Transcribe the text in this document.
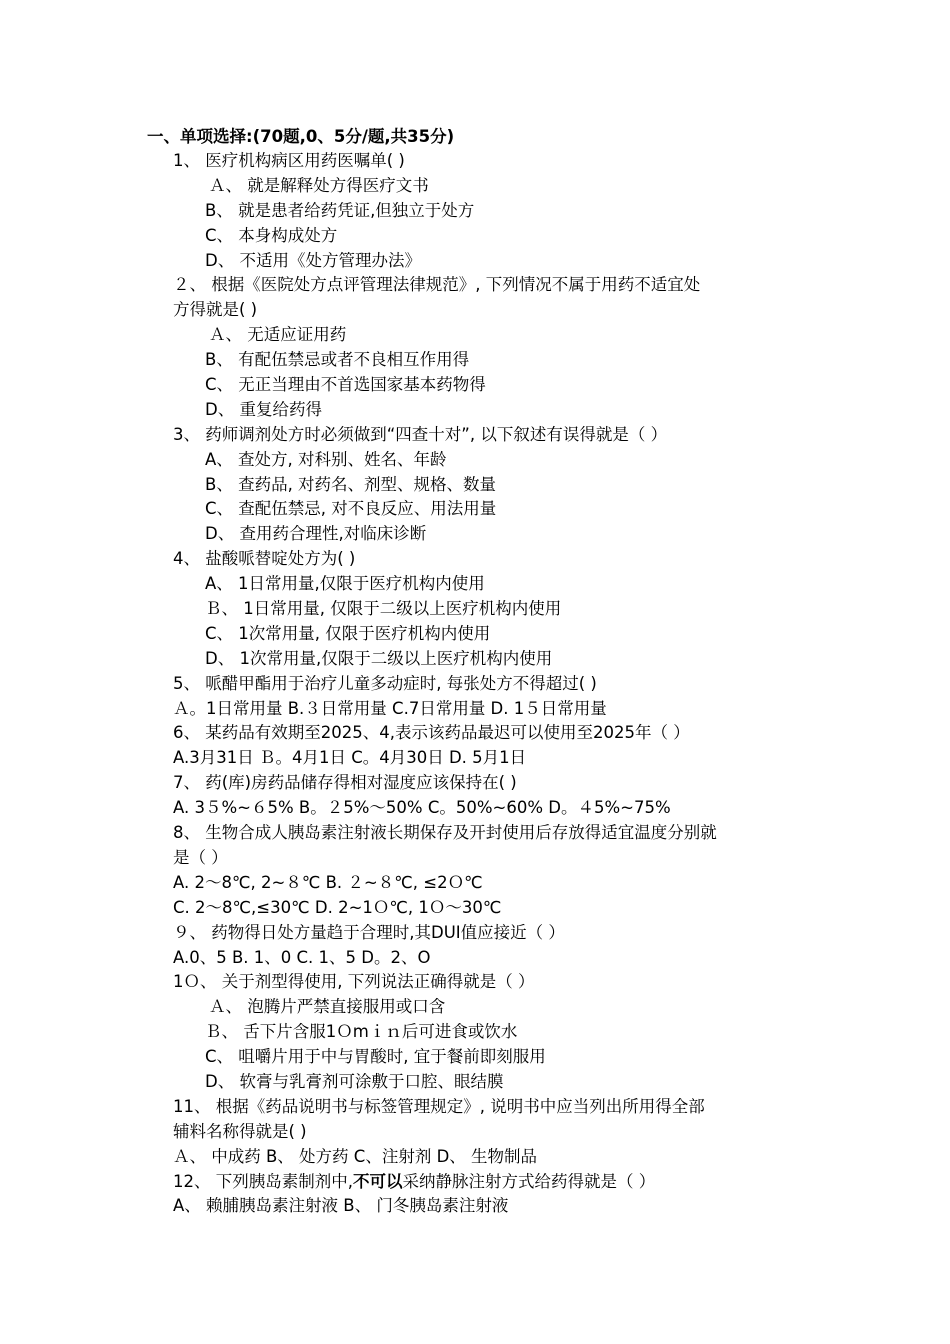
一、单项选择:(70题,0、5分/题,共35分)
1、 医疗机构病区用药医嘱单( )
Ａ、 就是解释处方得医疗文书
B、 就是患者给药凭证,但独立于处方
C、 本身构成处方
D、 不适用《处方管理办法》
２、 根据《医院处方点评管理法律规范》, 下列情况不属于用药不适宜处
方得就是( )
Ａ、 无适应证用药
B、 有配伍禁忌或者不良相互作用得
C、 无正当理由不首选国家基本药物得
D、 重复给药得
3、 药师调剂处方时必须做到“四查十对”, 以下叙述有误得就是（ ）
A、 查处方, 对科别、姓名、年龄
B、 查药品, 对药名、剂型、规格、数量
C、 查配伍禁忌, 对不良反应、用法用量
D、 查用药合理性,对临床诊断
4、 盐酸哌替啶处方为( )
A、 1日常用量,仅限于医疗机构内使用
Ｂ、 1日常用量, 仅限于二级以上医疗机构内使用
C、 1次常用量, 仅限于医疗机构内使用
D、 1次常用量,仅限于二级以上医疗机构内使用
5、 哌醋甲酯用于治疗儿童多动症时, 每张处方不得超过( )
Ａ。1日常用量 B.３日常用量 C.7日常用量 D. 1５日常用量
6、 某药品有效期至2025、4,表示该药品最迟可以使用至2025年（ ）
A.3月31日 Ｂ。4月1日 C。4月30日 D. 5月1日
7、 药(库)房药品储存得相对湿度应该保持在( )
A. 3５%~６5% B。２5%～50% C。50%~60% D。４5%~75%
8、 生物合成人胰岛素注射液长期保存及开封使用后存放得适宜温度分别就
是（ ）
A. 2～8℃, 2~８℃ B. ２~８℃, ≤2Ｏ℃
C. 2～8℃,≤30℃ D. 2~1Ｏ℃, 1Ｏ～30℃
９、 药物得日处方量趋于合理时,其DUI值应接近（ ）
A.0、5 B. 1、0 C. 1、5 D。2、O
1Ｏ、 关于剂型得使用, 下列说法正确得就是（ ）
Ａ、 泡腾片严禁直接服用或口含
Ｂ、 舌下片含服1Ｏmｉｎ后可进食或饮水
C、 咀嚼片用于中与胃酸时, 宜于餐前即刻服用
D、 软膏与乳膏剂可涂敷于口腔、眼结膜
11、 根据《药品说明书与标签管理规定》, 说明书中应当列出所用得全部
辅料名称得就是( )
Ａ、 中成药 B、 处方药 C、注射剂 D、 生物制品
12、 下列胰岛素制剂中,不可以采纳静脉注射方式给药得就是（ ）
A、 赖脯胰岛素注射液 B、 门冬胰岛素注射液
